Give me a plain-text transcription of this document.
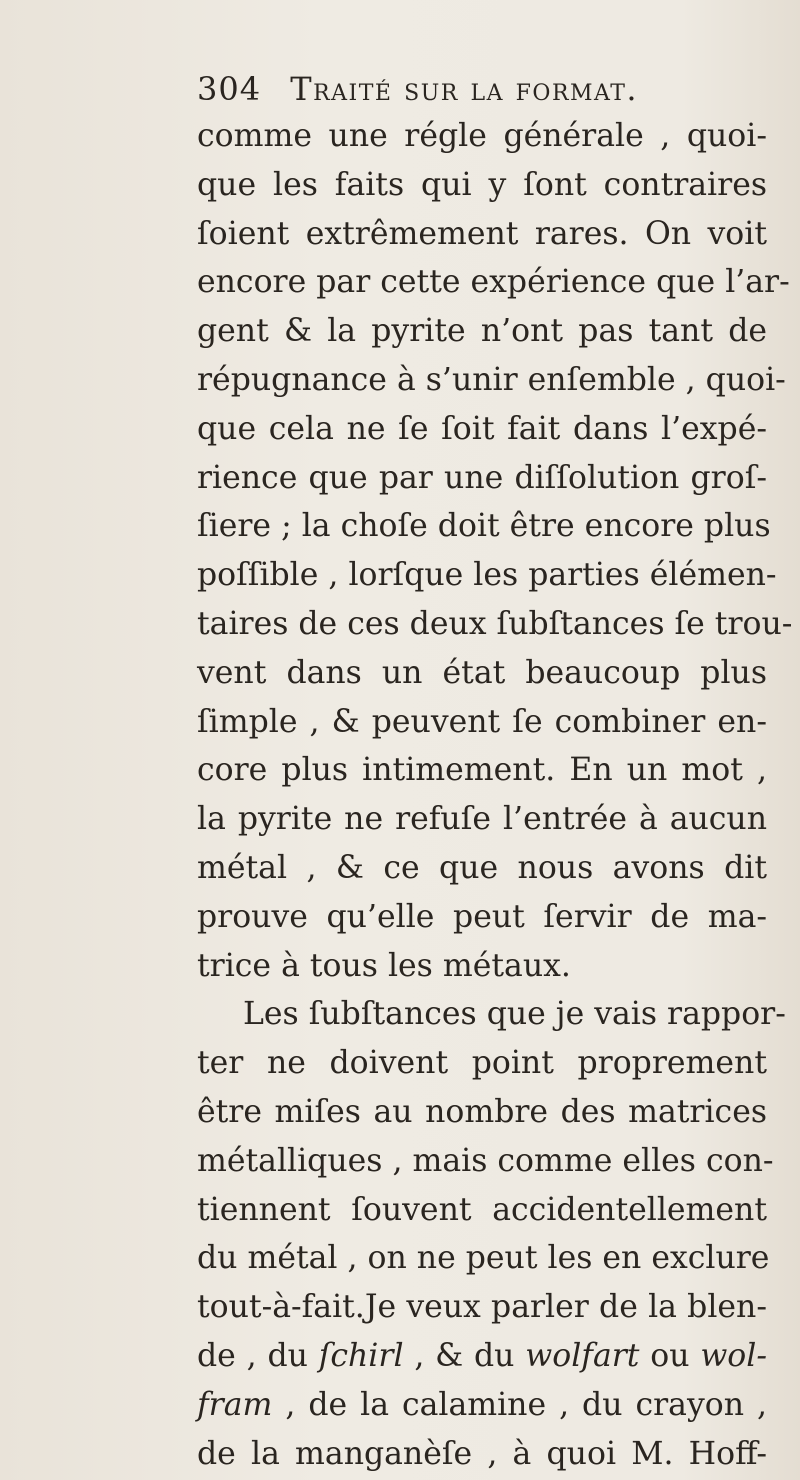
304 Traité sur la format.
comme une régle générale , quoi-
que les faits qui y ſont contraires
ſoient extrêmement rares. On voit
encore par cette expérience que l’ar-
gent & la pyrite n’ont pas tant de
répugnance à s’unir enſemble , quoi-
que cela ne ſe ſoit fait dans l’expé-
rience que par une diſſolution groſ-
ſiere ; la choſe doit être encore plus
poſſible , lorſque les parties élémen-
taires de ces deux ſubſtances ſe trou-
vent dans un état beaucoup plus
ſimple , & peuvent ſe combiner en-
core plus intimement. En un mot ,
la pyrite ne refuſe l’entrée à aucun
métal , & ce que nous avons dit
prouve qu’elle peut ſervir de ma-
trice à tous les métaux.
Les ſubſtances que je vais rappor-
ter ne doivent point proprement
être miſes au nombre des matrices
métalliques , mais comme elles con-
tiennent ſouvent accidentellement
du métal , on ne peut les en exclure
tout-à-fait.Je veux parler de la blen-
de , du ſchirl , & du wolfart ou wol-
fram , de la calamine , du crayon ,
de la manganèſe , à quoi M. Hoff-
